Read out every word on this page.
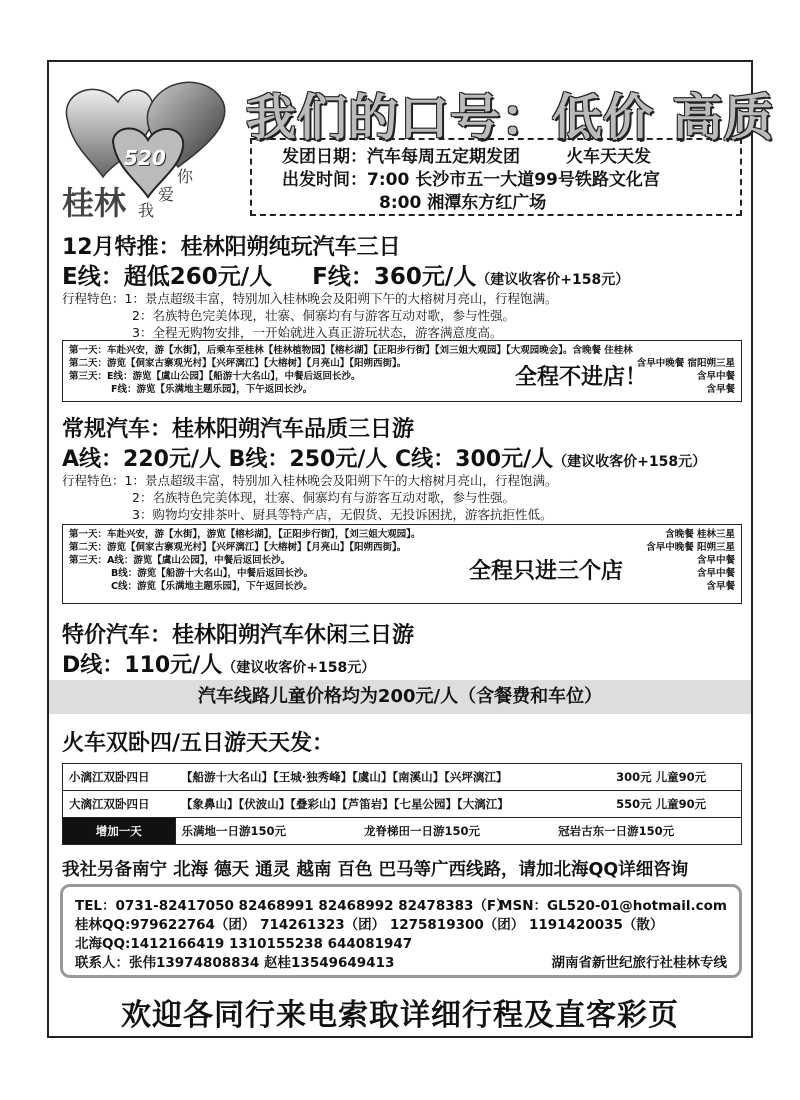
你
520
桂林 我
爱
我们的口号：低价 高质
发团日期：汽车每周五定期发团	火车天天发
出发时间：7:00 长沙市五一大道99号铁路文化宫
8:00 湘潭东方红广场
12月特推：桂林阳朔纯玩汽车三日
E线：超低260元/人 F线：360元/人（建议收客价+158元）
行程特色：1：景点超级丰富，特别加入桂林晚会及阳朔下午的大榕树月亮山，行程饱满。
2：名族特色完美体现，壮寨、侗寨均有与游客互动对歌，参与性强。
3：全程无购物安排，一开始就进入真正游玩状态，游客满意度高。
第一天：车赴兴安，游【水街】，后乘车至桂林【桂林植物园】【榕杉湖】【正阳步行街】【刘三姐大观园】【大观园晚会】。含晚餐 住桂林
第二天：游览【侗家古寨观光村】【兴坪漓江】【大榕树】【月亮山】【阳朔西街】。	含早中晚餐 宿阳朔三星
第三天：E线：游览【虞山公园】【船游十大名山】，中餐后返回长沙。	含早中餐
F线：游览【乐满地主题乐园】，下午返回长沙。	含早餐
全程不进店！
常规汽车：桂林阳朔汽车品质三日游
A线：220元/人 B线：250元/人 C线：300元/人（建议收客价+158元）
行程特色：1：景点超级丰富，特别加入桂林晚会及阳朔下午的大榕树月亮山，行程饱满。
2：名族特色完美体现，壮寨、侗寨均有与游客互动对歌，参与性强。
3：购物均安排茶叶、厨具等特产店，无假货、无投诉困扰，游客抗拒性低。
第一天：车赴兴安，游【水街】，游览【榕杉湖】，【正阳步行街】，【刘三姐大观园】。	含晚餐 桂林三星
第二天：游览【侗家古寨观光村】【兴坪漓江】【大榕树】【月亮山】【阳朔西街】。	含早中晚餐 阳朔三星
第三天：A线：游览【虞山公园】，中餐后返回长沙。	含早中餐
B线：游览【船游十大名山】，中餐后返回长沙。	含早中餐
C线：游览【乐满地主题乐园】，下午返回长沙。	含早餐
全程只进三个店
特价汽车：桂林阳朔汽车休闲三日游
D线：110元/人（建议收客价+158元）
汽车线路儿童价格均为200元/人（含餐费和车位）
火车双卧四/五日游天天发：
小漓江双卧四日	【船游十大名山】【王城·独秀峰】【虞山】【南溪山】【兴坪漓江】	300元 儿童90元
大漓江双卧四日	【象鼻山】【伏波山】【叠彩山】【芦笛岩】【七星公园】【大漓江】	550元 儿童90元
增加一天	乐满地一日游150元 龙脊梯田一日游150元 冠岩古东一日游150元	
我社另备南宁 北海 德天 通灵 越南 百色 巴马等广西线路，请加北海QQ详细咨询
TEL：0731-82417050 82468991 82468992 82478383（F）
MSN：GL520-01@hotmail.com
桂林QQ:979622764（团） 714261323（团） 1275819300（团） 1191420035（散）
北海QQ:1412166419 1310155238 644081947
联系人：张伟13974808834 赵桂13549649413	湖南省新世纪旅行社桂林专线
欢迎各同行来电索取详细行程及直客彩页
